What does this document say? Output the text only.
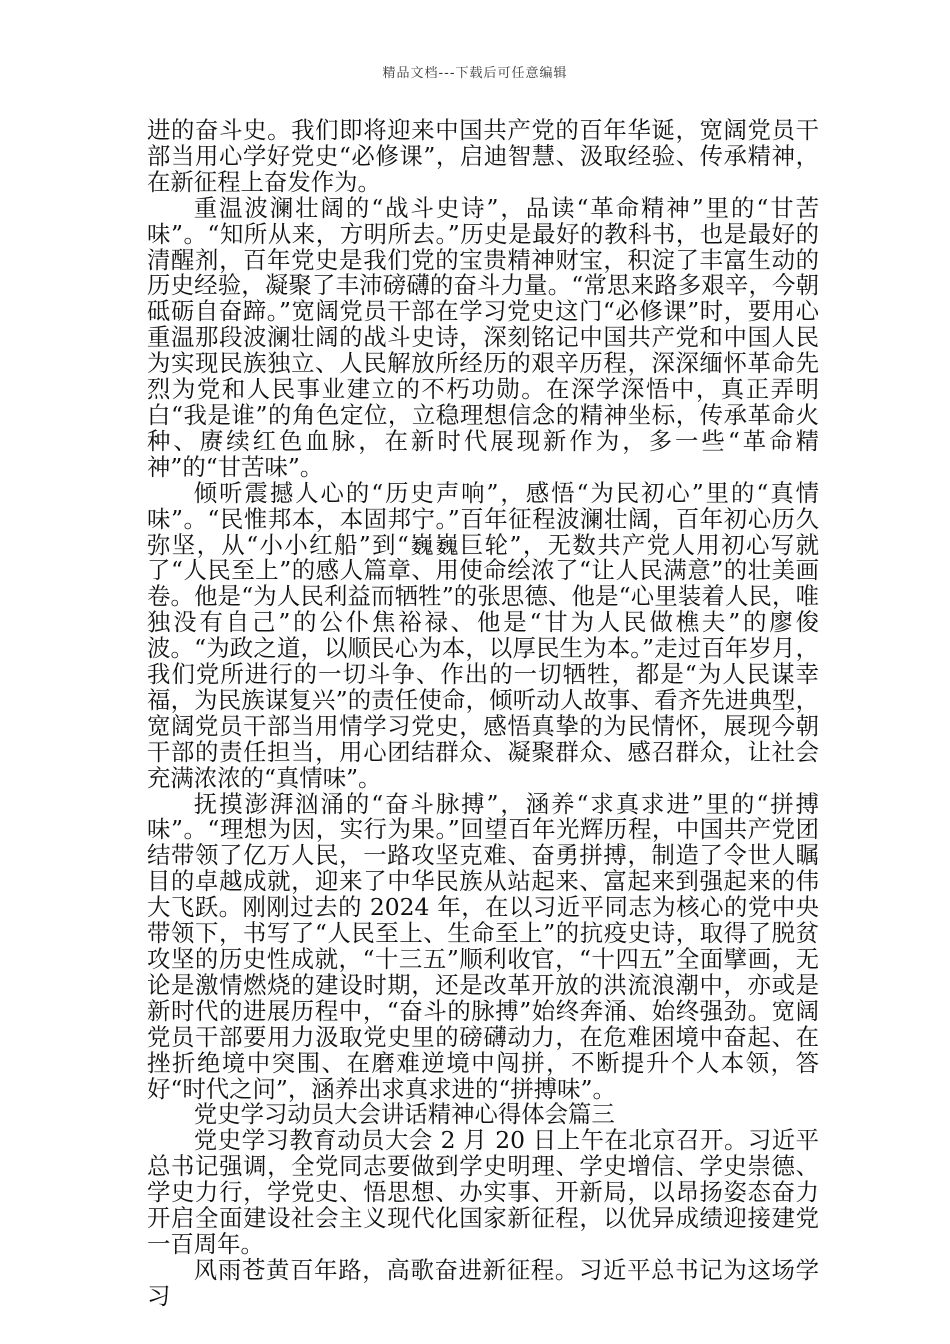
精品文档---下载后可任意编辑

进的奋斗史。我们即将迎来中国共产党的百年华诞，宽阔党员干部当用心学好党史“必修课”，启迪智慧、汲取经验、传承精神，在新征程上奋发作为。

重温波澜壮阔的“战斗史诗”，品读“革命精神”里的“甘苦味”。“知所从来，方明所去。”历史是最好的教科书，也是最好的清醒剂，百年党史是我们党的宝贵精神财宝，积淀了丰富生动的历史经验，凝聚了丰沛磅礴的奋斗力量。“常思来路多艰辛，今朝砥砺自奋蹄。”宽阔党员干部在学习党史这门“必修课”时，要用心重温那段波澜壮阔的战斗史诗，深刻铭记中国共产党和中国人民为实现民族独立、人民解放所经历的艰辛历程，深深缅怀革命先烈为党和人民事业建立的不朽功勋。在深学深悟中，真正弄明白“我是谁”的角色定位，立稳理想信念的精神坐标，传承革命火种、赓续红色血脉，在新时代展现新作为，多一些“革命精神”的“甘苦味”。

倾听震撼人心的“历史声响”，感悟“为民初心”里的“真情味”。“民惟邦本，本固邦宁。”百年征程波澜壮阔，百年初心历久弥坚，从“小小红船”到“巍巍巨轮”，无数共产党人用初心写就了“人民至上”的感人篇章、用使命绘浓了“让人民满意”的壮美画卷。他是“为人民利益而牺牲”的张思德、他是“心里装着人民，唯独没有自己”的公仆焦裕禄、他是“甘为人民做樵夫”的廖俊波。“为政之道，以顺民心为本，以厚民生为本。”走过百年岁月，我们党所进行的一切斗争、作出的一切牺牲，都是“为人民谋幸福，为民族谋复兴”的责任使命，倾听动人故事、看齐先进典型，宽阔党员干部当用情学习党史，感悟真挚的为民情怀，展现今朝干部的责任担当，用心团结群众、凝聚群众、感召群众，让社会充满浓浓的“真情味”。

抚摸澎湃汹涌的“奋斗脉搏”，涵养“求真求进”里的“拼搏味”。“理想为因，实行为果。”回望百年光辉历程，中国共产党团结带领了亿万人民，一路攻坚克难、奋勇拼搏，制造了令世人瞩目的卓越成就，迎来了中华民族从站起来、富起来到强起来的伟大飞跃。刚刚过去的 2024 年，在以习近平同志为核心的党中央带领下，书写了“人民至上、生命至上”的抗疫史诗，取得了脱贫攻坚的历史性成就，“十三五”顺利收官，“十四五”全面擘画，无论是激情燃烧的建设时期，还是改革开放的洪流浪潮中，亦或是新时代的进展历程中，“奋斗的脉搏”始终奔涌、始终强劲。宽阔党员干部要用力汲取党史里的磅礴动力，在危难困境中奋起、在挫折绝境中突围、在磨难逆境中闯拼，不断提升个人本领，答好“时代之问”，涵养出求真求进的“拼搏味”。

党史学习动员大会讲话精神心得体会篇三

党史学习教育动员大会 2 月 20 日上午在北京召开。习近平总书记强调，全党同志要做到学史明理、学史增信、学史崇德、学史力行，学党史、悟思想、办实事、开新局，以昂扬姿态奋力开启全面建设社会主义现代化国家新征程，以优异成绩迎接建党一百周年。

风雨苍黄百年路，高歌奋进新征程。习近平总书记为这场学习
